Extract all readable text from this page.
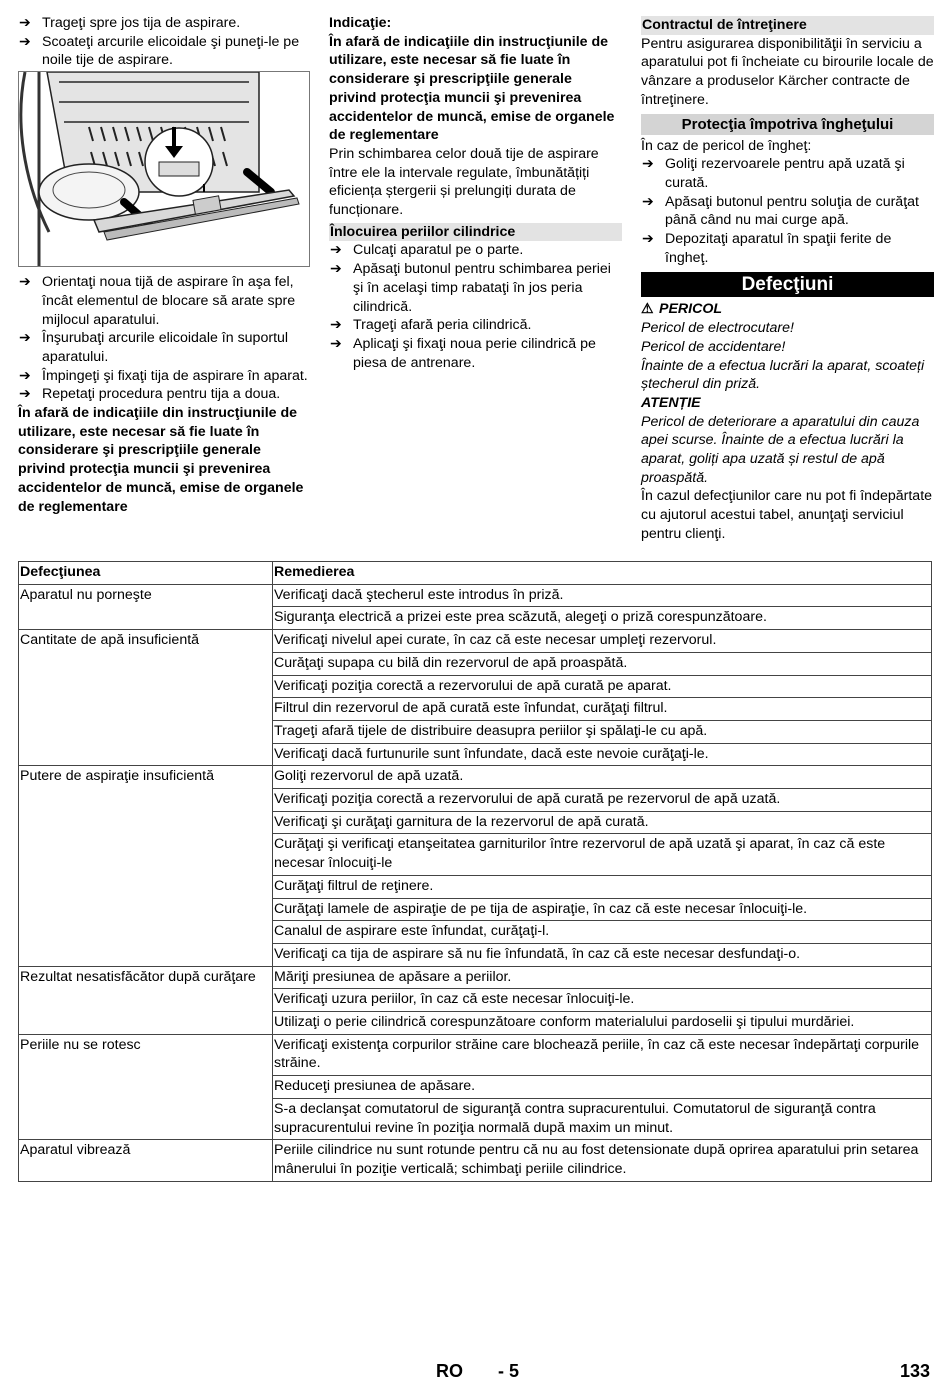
➔ Trageţi spre jos tija de aspirare.

➔ Scoateţi arcurile elicoidale şi puneţi-le pe noile tije de aspirare.

➔ Orientaţi noua tijă de aspirare în aşa fel, încât elementul de blocare să arate spre mijlocul aparatului.

➔ Înşurubaţi arcurile elicoidale în suportul aparatului.

➔ Împingeţi şi fixaţi tija de aspirare în aparat.

➔ Repetaţi procedura pentru tija a doua.

În afară de indicaţiile din instrucţiunile de utilizare, este necesar să fie luate în considerare şi prescripţiile generale privind protecţia muncii şi prevenirea accidentelor de muncă, emise de organele de reglementare

Indicaţie:

În afară de indicaţiile din instrucţiunile de utilizare, este necesar să fie luate în considerare şi prescripţiile generale privind protecţia muncii şi prevenirea accidentelor de muncă, emise de organele de reglementare

Prin schimbarea celor două tije de aspirare între ele la intervale regulate, îmbunătățiți eficiența ștergerii și prelungiți durata de funcționare.

Înlocuirea periilor cilindrice

➔ Culcaţi aparatul pe o parte.

➔ Apăsaţi butonul pentru schimbarea periei şi în acelaşi timp rabataţi în jos peria cilindrică.

➔ Trageţi afară peria cilindrică.

➔ Aplicaţi şi fixaţi noua perie cilindrică pe piesa de antrenare.

Contractul de întreţinere

Pentru asigurarea disponibilităţii în serviciu a aparatului pot fi încheiate cu birourile locale de vânzare a produselor Kärcher contracte de întreţinere.

Protecţia împotriva îngheţului

În caz de pericol de îngheţ:

➔ Goliţi rezervoarele pentru apă uzată şi curată.

➔ Apăsaţi butonul pentru soluţia de curăţat până când nu mai curge apă.

➔ Depozitaţi aparatul în spaţii ferite de îngheţ.

Defecţiuni

⚠ PERICOL

Pericol de electrocutare!

Pericol de accidentare!

Înainte de a efectua lucrări la aparat, scoateți ștecherul din priză.

ATENȚIE

Pericol de deteriorare a aparatului din cauza apei scurse. Înainte de a efectua lucrări la aparat, goliți apa uzată și restul de apă proaspătă.

În cazul defecţiunilor care nu pot fi îndepărtate cu ajutorul acestui tabel, anunţaţi serviciul pentru clienţi.

Defecţiunea	Remedierea
Aparatul nu porneşte	Verificaţi dacă ştecherul este introdus în priză.
	Siguranţa electrică a prizei este prea scăzută, alegeţi o priză corespunzătoare.
Cantitate de apă insuficientă	Verificaţi nivelul apei curate, în caz că este necesar umpleţi rezervorul.
	Curăţaţi supapa cu bilă din rezervorul de apă proaspătă.
	Verificaţi poziţia corectă a rezervorului de apă curată pe aparat.
	Filtrul din rezervorul de apă curată este înfundat, curăţaţi filtrul.
	Trageţi afară tijele de distribuire deasupra periilor şi spălaţi-le cu apă.
	Verificaţi dacă furtunurile sunt înfundate, dacă este nevoie curăţaţi-le.
Putere de aspiraţie insuficientă	Goliţi rezervorul de apă uzată.
	Verificaţi poziţia corectă a rezervorului de apă curată pe rezervorul de apă uzată.
	Verificaţi şi curăţaţi garnitura de la rezervorul de apă curată.
	Curăţaţi şi verificaţi etanşeitatea garniturilor între rezervorul de apă uzată şi aparat, în caz că este necesar înlocuiţi-le
	Curăţaţi filtrul de reţinere.
	Curăţaţi lamele de aspiraţie de pe tija de aspiraţie, în caz că este necesar înlocuiţi-le.
	Canalul de aspirare este înfundat, curăţaţi-l.
	Verificaţi ca tija de aspirare să nu fie înfundată, în caz că este necesar desfundaţi-o.
Rezultat nesatisfăcător după curăţare	Măriţi presiunea de apăsare a periilor.
	Verificaţi uzura periilor, în caz că este necesar înlocuiţi-le.
	Utilizaţi o perie cilindrică corespunzătoare conform materialului pardoselii şi tipului murdăriei.
Periile nu se rotesc	Verificaţi existenţa corpurilor străine care blochează periile, în caz că este necesar îndepărtaţi corpurile străine.
	Reduceţi presiunea de apăsare.
	S-a declanşat comutatorul de siguranţă contra supracurentului. Comutatorul de siguranţă contra supracurentului revine în poziţia normală după maxim un minut.
Aparatul vibrează	Periile cilindrice nu sunt rotunde pentru că nu au fost detensionate după oprirea aparatului prin setarea mânerului în poziţie verticală; schimbaţi periile cilindrice.
RO - 5	133
